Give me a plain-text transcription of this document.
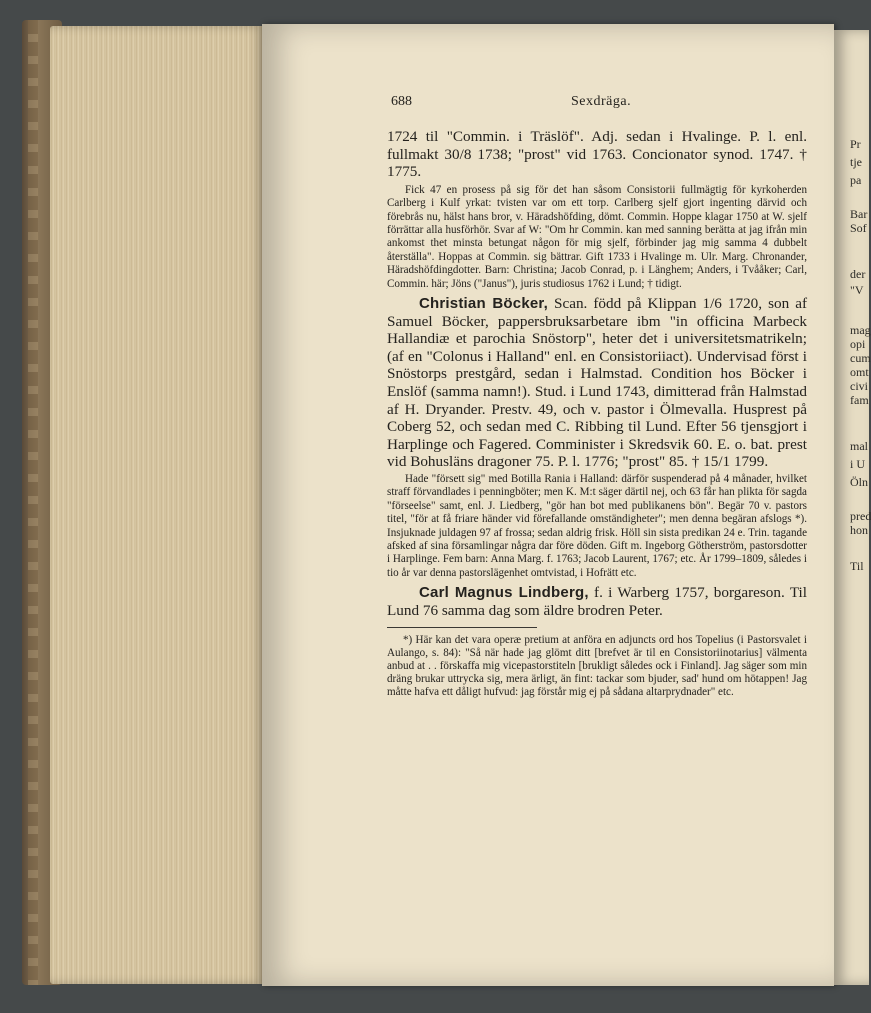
688	Sexdräga.

1724 til "Commin. i Träslöf". Adj. sedan i Hvalinge. P. l. enl. fullmakt 30/8 1738; "prost" vid 1763. Concionator synod. 1747. † 1775.

Fick 47 en prosess på sig för det han såsom Consistorii fullmägtig för kyrkoherden Carlberg i Kulf yrkat: tvisten var om ett torp. Carlberg sjelf gjort ingenting därvid och förebrås nu, hälst hans bror, v. Häradshöfding, dömt. Commin. Hoppe klagar 1750 at W. sjelf förrättar alla husförhör. Svar af W: "Om hr Commin. kan med sanning berätta at jag ifrån min ankomst thet minsta betungat någon för mig sjelf, förbinder jag mig samma 4 dubbelt återställa". Hoppas at Commin. sig bättrar. Gift 1733 i Hvalinge m. Ulr. Marg. Chronander, Häradshöfdingdotter. Barn: Christina; Jacob Conrad, p. i Länghem; Anders, i Tvååker; Carl, Commin. här; Jöns ("Janus"), juris studiosus 1762 i Lund; † tidigt.

Christian Böcker, Scan. född på Klippan 1/6 1720, son af Samuel Böcker, pappersbruksarbetare ibm "in officina Marbeck Hallandiæ et parochia Snöstorp", heter det i universitetsmatrikeln; (af en "Colonus i Halland" enl. en Consistoriiact). Undervisad först i Snöstorps prestgård, sedan i Halmstad. Condition hos Böcker i Enslöf (samma namn!). Stud. i Lund 1743, dimitterad från Halmstad af H. Dryander. Prestv. 49, och v. pastor i Ölmevalla. Husprest på Coberg 52, och sedan med C. Ribbing til Lund. Efter 56 tjensgjort i Harplinge och Fagered. Comminister i Skredsvik 60. E. o. bat. prest vid Bohusläns dragoner 75. P. l. 1776; "prost" 85. † 15/1 1799.

Hade "försett sig" med Botilla Rania i Halland: därför suspenderad på 4 månader, hvilket straff förvandlades i penningböter; men K. M:t säger därtil nej, och 63 får han plikta för sagda "förseelse" samt, enl. J. Liedberg, "gör han bot med publikanens bön". Begär 70 v. pastors titel, "för at få friare händer vid förefallande omständigheter"; men denna begäran afslogs *). Insjuknade juldagen 97 af frossa; sedan aldrig frisk. Höll sin sista predikan 24 e. Trin. tagande afsked af sina församlingar några dar före döden. Gift m. Ingeborg Götherström, pastorsdotter i Harplinge. Fem barn: Anna Marg. f. 1763; Jacob Laurent, 1767; etc. År 1799–1809, således i tio år var denna pastorslägenhet omtvistad, i Hofrätt etc.

Carl Magnus Lindberg, f. i Warberg 1757, borgareson. Til Lund 76 samma dag som äldre brodren Peter.

*) Här kan det vara operæ pretium at anföra en adjuncts ord hos Topelius (i Pastorsvalet i Aulango, s. 84): "Så när hade jag glömt ditt [brefvet är til en Consistoriinotarius] välmenta anbud at . . förskaffa mig vicepastorstiteln [brukligt således ock i Finland]. Jag säger som min dräng brukar uttrycka sig, mera ärligt, än fint: tackar som bjuder, sad' hund om hötappen! Jag måtte hafva ett dåligt hufvud: jag förstår mig ej på sådana altarprydnader" etc.

Pr
tje
pa
Bar
Sof
der
"V
mag
opi
cum
omt
civi
fam
mal
i U
Öln
pred
hon
Til
